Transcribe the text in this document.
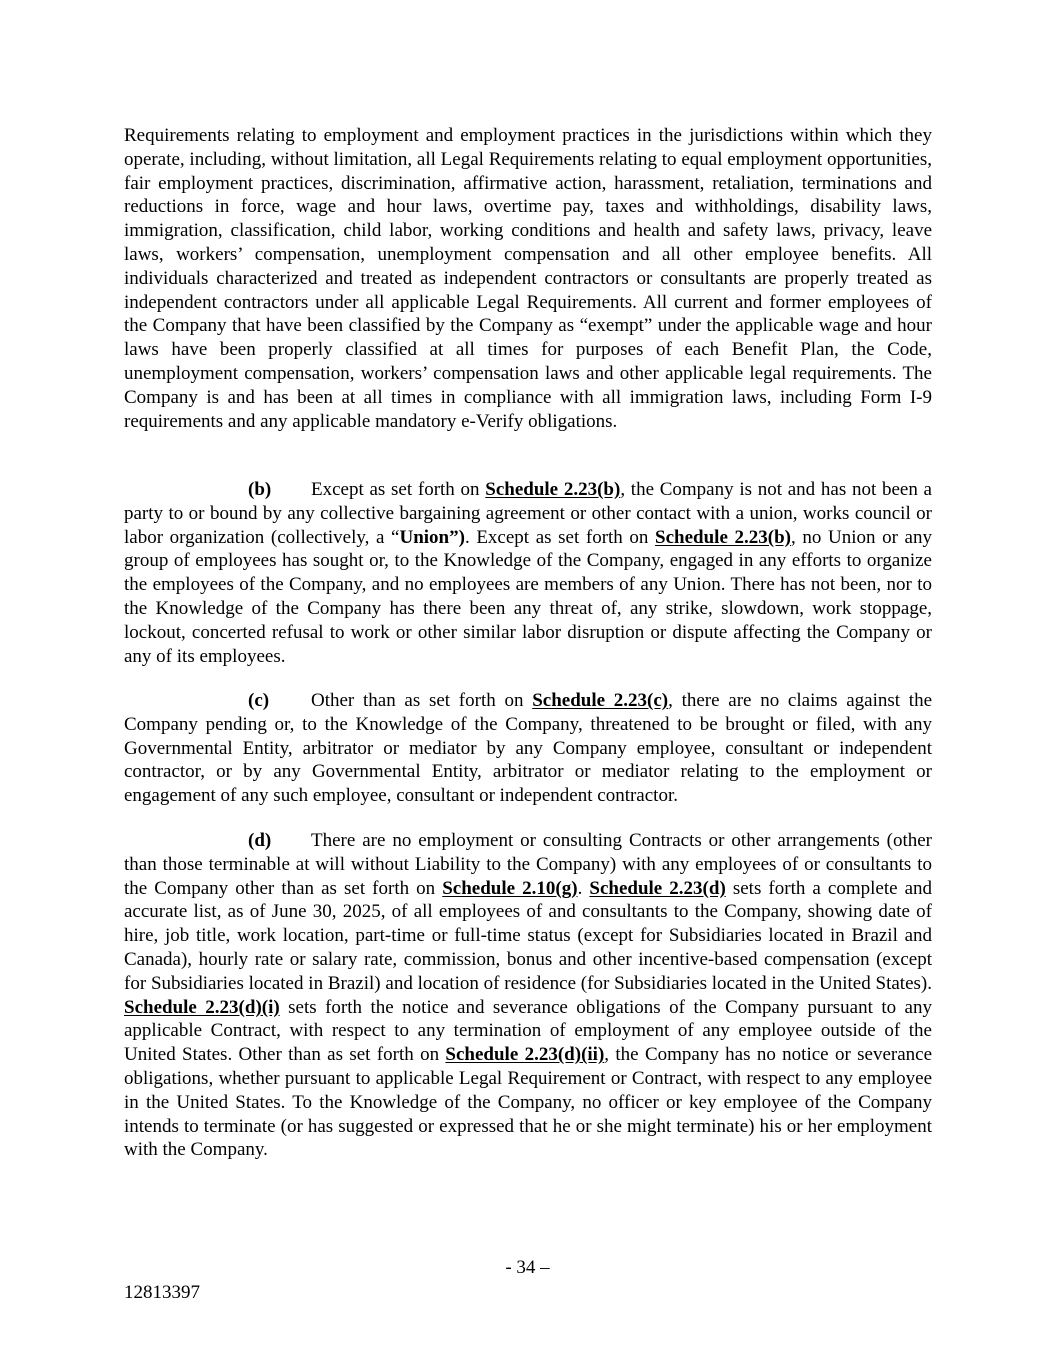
Requirements relating to employment and employment practices in the jurisdictions within which they operate, including, without limitation, all Legal Requirements relating to equal employment opportunities, fair employment practices, discrimination, affirmative action, harassment, retaliation, terminations and reductions in force, wage and hour laws, overtime pay, taxes and withholdings, disability laws, immigration, classification, child labor, working conditions and health and safety laws, privacy, leave laws, workers’ compensation, unemployment compensation and all other employee benefits. All individuals characterized and treated as independent contractors or consultants are properly treated as independent contractors under all applicable Legal Requirements. All current and former employees of the Company that have been classified by the Company as “exempt” under the applicable wage and hour laws have been properly classified at all times for purposes of each Benefit Plan, the Code, unemployment compensation, workers’ compensation laws and other applicable legal requirements. The Company is and has been at all times in compliance with all immigration laws, including Form I-9 requirements and any applicable mandatory e-Verify obligations.

(b) Except as set forth on Schedule 2.23(b), the Company is not and has not been a party to or bound by any collective bargaining agreement or other contact with a union, works council or labor organization (collectively, a “Union”). Except as set forth on Schedule 2.23(b), no Union or any group of employees has sought or, to the Knowledge of the Company, engaged in any efforts to organize the employees of the Company, and no employees are members of any Union. There has not been, nor to the Knowledge of the Company has there been any threat of, any strike, slowdown, work stoppage, lockout, concerted refusal to work or other similar labor disruption or dispute affecting the Company or any of its employees.

(c) Other than as set forth on Schedule 2.23(c), there are no claims against the Company pending or, to the Knowledge of the Company, threatened to be brought or filed, with any Governmental Entity, arbitrator or mediator by any Company employee, consultant or independent contractor, or by any Governmental Entity, arbitrator or mediator relating to the employment or engagement of any such employee, consultant or independent contractor.

(d) There are no employment or consulting Contracts or other arrangements (other than those terminable at will without Liability to the Company) with any employees of or consultants to the Company other than as set forth on Schedule 2.10(g). Schedule 2.23(d) sets forth a complete and accurate list, as of June 30, 2025, of all employees of and consultants to the Company, showing date of hire, job title, work location, part-time or full-time status (except for Subsidiaries located in Brazil and Canada), hourly rate or salary rate, commission, bonus and other incentive-based compensation (except for Subsidiaries located in Brazil) and location of residence (for Subsidiaries located in the United States). Schedule 2.23(d)(i) sets forth the notice and severance obligations of the Company pursuant to any applicable Contract, with respect to any termination of employment of any employee outside of the United States. Other than as set forth on Schedule 2.23(d)(ii), the Company has no notice or severance obligations, whether pursuant to applicable Legal Requirement or Contract, with respect to any employee in the United States. To the Knowledge of the Company, no officer or key employee of the Company intends to terminate (or has suggested or expressed that he or she might terminate) his or her employment with the Company.

- 34 –
12813397
